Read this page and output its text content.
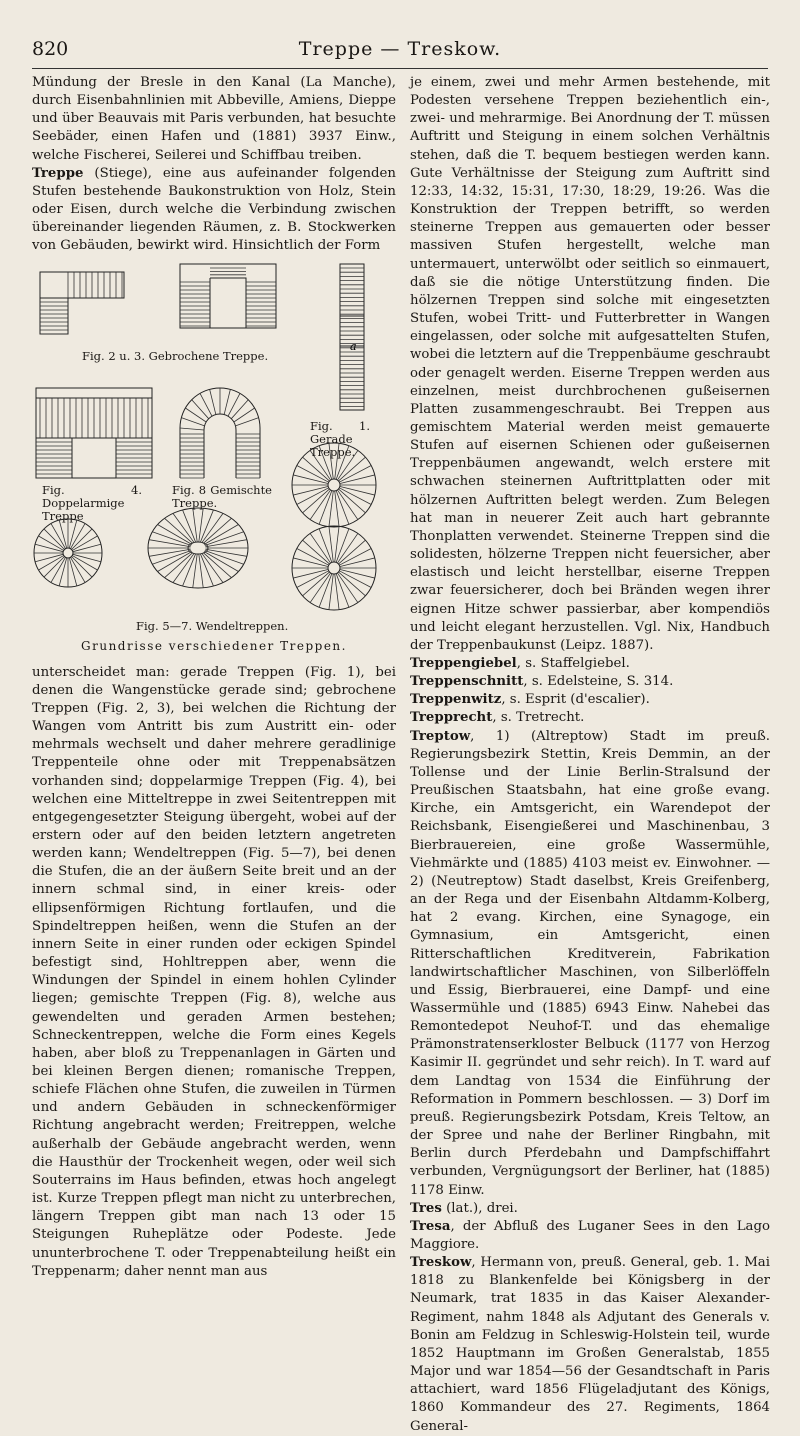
820	Treppe — Treskow.

Mündung der Bresle in den Kanal (La Manche), durch Eisenbahnlinien mit Abbeville, Amiens, Dieppe und über Beauvais mit Paris verbunden, hat besuchte Seebäder, einen Hafen und (1881) 3937 Einw., welche Fischerei, Seilerei und Schiffbau treiben.

Treppe (Stiege), eine aus aufeinander folgenden Stufen bestehende Baukonstruktion von Holz, Stein oder Eisen, durch welche die Verbindung zwischen übereinander liegenden Räumen, z. B. Stockwerken von Gebäuden, bewirkt wird. Hinsichtlich der Form

a
Fig. 2 u. 3. Gebrochene Treppe.
Fig. 1. Gerade Treppe.
Fig. 4. Doppelarmige Treppe
Fig. 8 Gemischte Treppe.
Fig. 5—7. Wendeltreppen.
Grundrisse verschiedener Treppen.

unterscheidet man: gerade Treppen (Fig. 1), bei denen die Wangenstücke gerade sind; gebrochene Treppen (Fig. 2, 3), bei welchen die Richtung der Wangen vom Antritt bis zum Austritt ein- oder mehrmals wechselt und daher mehrere geradlinige Treppenteile ohne oder mit Treppenabsätzen vorhanden sind; doppelarmige Treppen (Fig. 4), bei welchen eine Mitteltreppe in zwei Seitentreppen mit entgegengesetzter Steigung übergeht, wobei auf der erstern oder auf den beiden letztern angetreten werden kann; Wendeltreppen (Fig. 5—7), bei denen die Stufen, die an der äußern Seite breit und an der innern schmal sind, in einer kreis- oder ellipsenförmigen Richtung fortlaufen, und die Spindeltreppen heißen, wenn die Stufen an der innern Seite in einer runden oder eckigen Spindel befestigt sind, Hohltreppen aber, wenn die Windungen der Spindel in einem hohlen Cylinder liegen; gemischte Treppen (Fig. 8), welche aus gewendelten und geraden Armen bestehen; Schneckentreppen, welche die Form eines Kegels haben, aber bloß zu Treppenanlagen in Gärten und bei kleinen Bergen dienen; romanische Treppen, schiefe Flächen ohne Stufen, die zuweilen in Türmen und andern Gebäuden in schneckenförmiger Richtung angebracht werden; Freitreppen, welche außerhalb der Gebäude angebracht werden, wenn die Hausthür der Trockenheit wegen, oder weil sich Souterrains im Haus befinden, etwas hoch angelegt ist. Kurze Treppen pflegt man nicht zu unterbrechen, längern Treppen gibt man nach 13 oder 15 Steigungen Ruheplätze oder Podeste. Jede ununterbrochene T. oder Treppenabteilung heißt ein Treppenarm; daher nennt man aus

je einem, zwei und mehr Armen bestehende, mit Podesten versehene Treppen beziehentlich ein-, zwei- und mehrarmige. Bei Anordnung der T. müssen Auftritt und Steigung in einem solchen Verhältnis stehen, daß die T. bequem bestiegen werden kann. Gute Verhältnisse der Steigung zum Auftritt sind 12:33, 14:32, 15:31, 17:30, 18:29, 19:26. Was die Konstruktion der Treppen betrifft, so werden steinerne Treppen aus gemauerten oder besser massiven Stufen hergestellt, welche man untermauert, unterwölbt oder seitlich so einmauert, daß sie die nötige Unterstützung finden. Die hölzernen Treppen sind solche mit eingesetzten Stufen, wobei Tritt- und Futterbretter in Wangen eingelassen, oder solche mit aufgesattelten Stufen, wobei die letztern auf die Treppenbäume geschraubt oder genagelt werden. Eiserne Treppen werden aus einzelnen, meist durchbrochenen gußeisernen Platten zusammengeschraubt. Bei Treppen aus gemischtem Material werden meist gemauerte Stufen auf eisernen Schienen oder gußeisernen Treppenbäumen angewandt, welch erstere mit schwachen steinernen Auftrittplatten oder mit hölzernen Auftritten belegt werden. Zum Belegen hat man in neuerer Zeit auch hart gebrannte Thonplatten verwendet. Steinerne Treppen sind die solidesten, hölzerne Treppen nicht feuersicher, aber elastisch und leicht herstellbar, eiserne Treppen zwar feuersicherer, doch bei Bränden wegen ihrer eignen Hitze schwer passierbar, aber kompendiös und leicht elegant herzustellen. Vgl. Nix, Handbuch der Treppenbaukunst (Leipz. 1887).

Treppengiebel, s. Staffelgiebel.

Treppenschnitt, s. Edelsteine, S. 314.

Treppenwitz, s. Esprit (d'escalier).

Trepprecht, s. Tretrecht.

Treptow, 1) (Altreptow) Stadt im preuß. Regierungsbezirk Stettin, Kreis Demmin, an der Tollense und der Linie Berlin-Stralsund der Preußischen Staatsbahn, hat eine große evang. Kirche, ein Amtsgericht, ein Warendepot der Reichsbank, Eisengießerei und Maschinenbau, 3 Bierbrauereien, eine große Wassermühle, Viehmärkte und (1885) 4103 meist ev. Einwohner. — 2) (Neutreptow) Stadt daselbst, Kreis Greifenberg, an der Rega und der Eisenbahn Altdamm-Kolberg, hat 2 evang. Kirchen, eine Synagoge, ein Gymnasium, ein Amtsgericht, einen Ritterschaftlichen Kreditverein, Fabrikation landwirtschaftlicher Maschinen, von Silberlöffeln und Essig, Bierbrauerei, eine Dampf- und eine Wassermühle und (1885) 6943 Einw. Nahebei das Remontedepot Neuhof-T. und das ehemalige Prämonstratenserkloster Belbuck (1177 von Herzog Kasimir II. gegründet und sehr reich). In T. ward auf dem Landtag von 1534 die Einführung der Reformation in Pommern beschlossen. — 3) Dorf im preuß. Regierungsbezirk Potsdam, Kreis Teltow, an der Spree und nahe der Berliner Ringbahn, mit Berlin durch Pferdebahn und Dampfschiffahrt verbunden, Vergnügungsort der Berliner, hat (1885) 1178 Einw.

Tres (lat.), drei.

Tresa, der Abfluß des Luganer Sees in den Lago Maggiore.

Treskow, Hermann von, preuß. General, geb. 1. Mai 1818 zu Blankenfelde bei Königsberg in der Neumark, trat 1835 in das Kaiser Alexander-Regiment, nahm 1848 als Adjutant des Generals v. Bonin am Feldzug in Schleswig-Holstein teil, wurde 1852 Hauptmann im Großen Generalstab, 1855 Major und war 1854—56 der Gesandtschaft in Paris attachiert, ward 1856 Flügeladjutant des Königs, 1860 Kommandeur des 27. Regiments, 1864 General-
